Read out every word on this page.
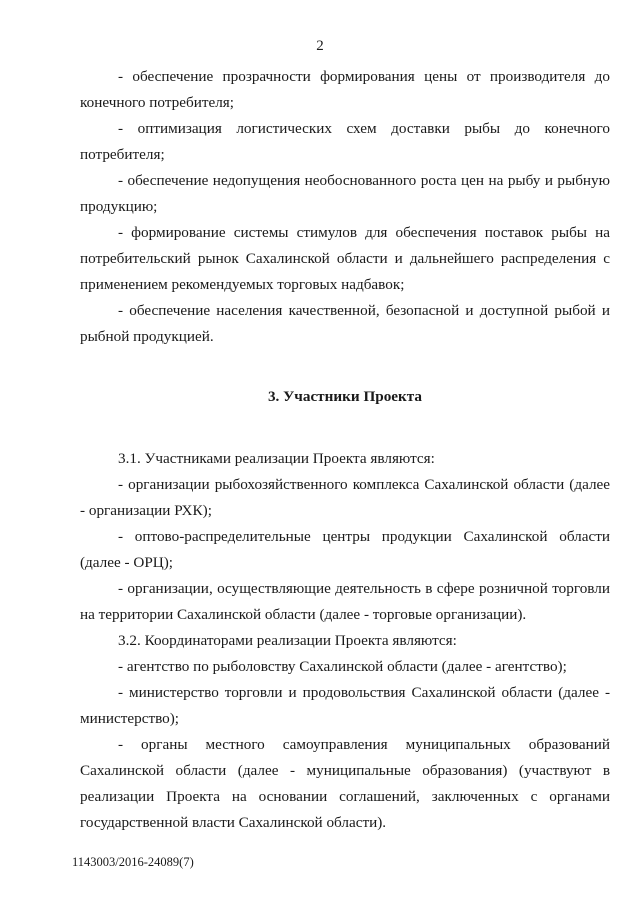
2

- обеспечение прозрачности формирования цены от производителя до конечного потребителя;

- оптимизация логистических схем доставки рыбы до конечного потребителя;

- обеспечение недопущения необоснованного роста цен на рыбу и рыбную продукцию;

- формирование системы стимулов для обеспечения поставок рыбы на потребительский рынок Сахалинской области и дальнейшего распределения с применением рекомендуемых торговых надбавок;

- обеспечение населения качественной, безопасной и доступной рыбой и рыбной продукцией.

3. Участники Проекта

3.1. Участниками реализации Проекта являются:

- организации рыбохозяйственного комплекса Сахалинской области (далее - организации РХК);

- оптово-распределительные центры продукции Сахалинской области (далее - ОРЦ);

- организации, осуществляющие деятельность в сфере розничной торговли на территории Сахалинской области (далее - торговые организации).

3.2. Координаторами реализации Проекта являются:

- агентство по рыболовству Сахалинской области (далее - агентство);

- министерство торговли и продовольствия Сахалинской области (далее - министерство);

- органы местного самоуправления муниципальных образований Сахалинской области (далее - муниципальные образования) (участвуют в реализации Проекта на основании соглашений, заключенных с органами государственной власти Сахалинской области).

1143003/2016-24089(7)
